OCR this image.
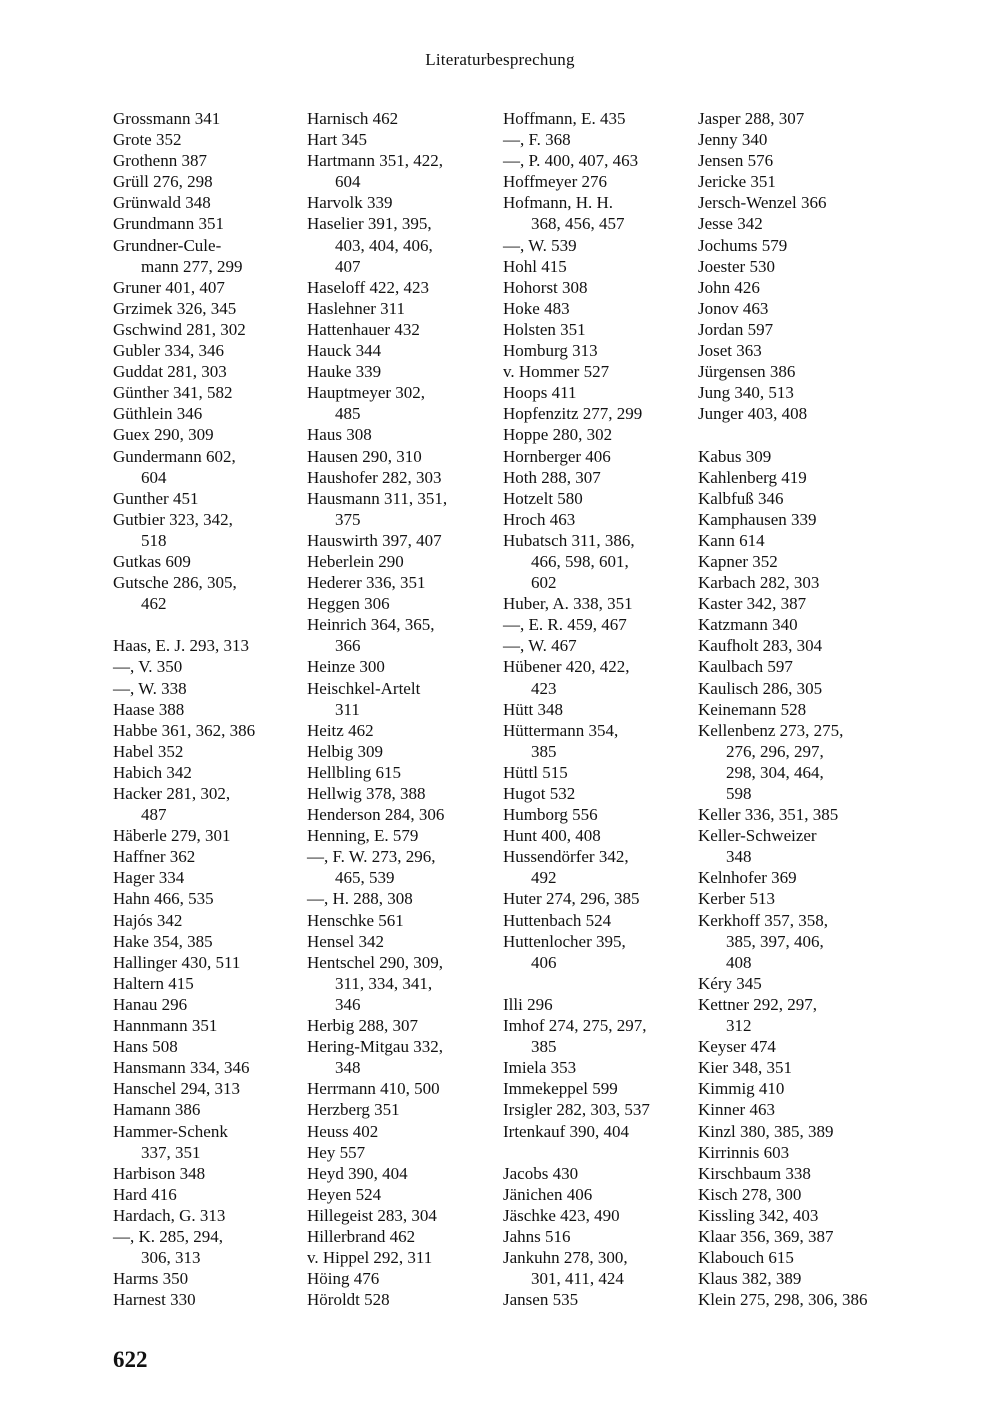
Literaturbesprechung
Grossmann 341
Grote 352
Grothenn 387
Grüll 276, 298
Grünwald 348
Grundmann 351
Grundner-Cule-
mann 277, 299
Gruner 401, 407
Grzimek 326, 345
Gschwind 281, 302
Gubler 334, 346
Guddat 281, 303
Günther 341, 582
Güthlein 346
Guex 290, 309
Gundermann 602,
604
Gunther 451
Gutbier 323, 342,
518
Gutkas 609
Gutsche 286, 305,
462
Haas, E. J. 293, 313
—, V. 350
—, W. 338
Haase 388
Habbe 361, 362, 386
Habel 352
Habich 342
Hacker 281, 302,
487
Häberle 279, 301
Haffner 362
Hager 334
Hahn 466, 535
Hajós 342
Hake 354, 385
Hallinger 430, 511
Haltern 415
Hanau 296
Hannmann 351
Hans 508
Hansmann 334, 346
Hanschel 294, 313
Hamann 386
Hammer-Schenk
337, 351
Harbison 348
Hard 416
Hardach, G. 313
—, K. 285, 294,
306, 313
Harms 350
Harnest 330
Harnisch 462
Hart 345
Hartmann 351, 422,
604
Harvolk 339
Haselier 391, 395,
403, 404, 406,
407
Haseloff 422, 423
Haslehner 311
Hattenhauer 432
Hauck 344
Hauke 339
Hauptmeyer 302,
485
Haus 308
Hausen 290, 310
Haushofer 282, 303
Hausmann 311, 351,
375
Hauswirth 397, 407
Heberlein 290
Hederer 336, 351
Heggen 306
Heinrich 364, 365,
366
Heinze 300
Heischkel-Artelt
311
Heitz 462
Helbig 309
Hellbling 615
Hellwig 378, 388
Henderson 284, 306
Henning, E. 579
—, F. W. 273, 296,
465, 539
—, H. 288, 308
Henschke 561
Hensel 342
Hentschel 290, 309,
311, 334, 341,
346
Herbig 288, 307
Hering-Mitgau 332,
348
Herrmann 410, 500
Herzberg 351
Heuss 402
Hey 557
Heyd 390, 404
Heyen 524
Hillegeist 283, 304
Hillerbrand 462
v. Hippel 292, 311
Höing 476
Höroldt 528
Hoffmann, E. 435
—, F. 368
—, P. 400, 407, 463
Hoffmeyer 276
Hofmann, H. H.
368, 456, 457
—, W. 539
Hohl 415
Hohorst 308
Hoke 483
Holsten 351
Homburg 313
v. Hommer 527
Hoops 411
Hopfenzitz 277, 299
Hoppe 280, 302
Hornberger 406
Hoth 288, 307
Hotzelt 580
Hroch 463
Hubatsch 311, 386,
466, 598, 601,
602
Huber, A. 338, 351
—, E. R. 459, 467
—, W. 467
Hübener 420, 422,
423
Hütt 348
Hüttermann 354,
385
Hüttl 515
Hugot 532
Humborg 556
Hunt 400, 408
Hussendörfer 342,
492
Huter 274, 296, 385
Huttenbach 524
Huttenlocher 395,
406
Illi 296
Imhof 274, 275, 297,
385
Imiela 353
Immekeppel 599
Irsigler 282, 303, 537
Irtenkauf 390, 404
Jacobs 430
Jänichen 406
Jäschke 423, 490
Jahns 516
Jankuhn 278, 300,
301, 411, 424
Jansen 535
Jasper 288, 307
Jenny 340
Jensen 576
Jericke 351
Jersch-Wenzel 366
Jesse 342
Jochums 579
Joester 530
John 426
Jonov 463
Jordan 597
Joset 363
Jürgensen 386
Jung 340, 513
Junger 403, 408
Kabus 309
Kahlenberg 419
Kalbfuß 346
Kamphausen 339
Kann 614
Kapner 352
Karbach 282, 303
Kaster 342, 387
Katzmann 340
Kaufholt 283, 304
Kaulbach 597
Kaulisch 286, 305
Keinemann 528
Kellenbenz 273, 275,
276, 296, 297,
298, 304, 464,
598
Keller 336, 351, 385
Keller-Schweizer
348
Kelnhofer 369
Kerber 513
Kerkhoff 357, 358,
385, 397, 406,
408
Kéry 345
Kettner 292, 297,
312
Keyser 474
Kier 348, 351
Kimmig 410
Kinner 463
Kinzl 380, 385, 389
Kirrinnis 603
Kirschbaum 338
Kisch 278, 300
Kissling 342, 403
Klaar 356, 369, 387
Klabouch 615
Klaus 382, 389
Klein 275, 298, 306, 386
622
